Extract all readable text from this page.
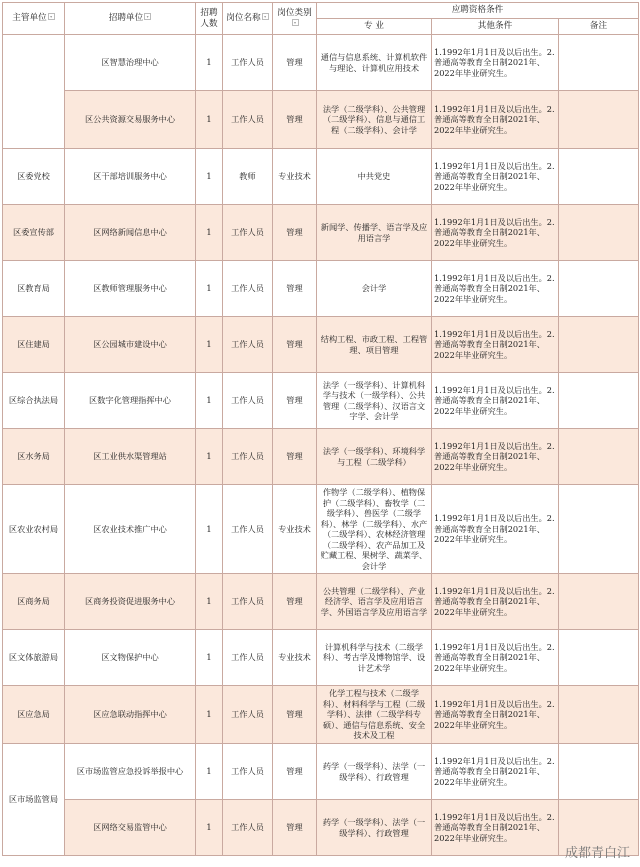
主管单位 ▾	招聘单位 ▾	招聘人数	岗位名称 ▾	岗位类别▾	应聘资格条件		
					专 业	其他条件	备注
	区智慧治理中心	1	工作人员	管理	通信与信息系统、计算机软件与理论、计算机应用技术	1.1992年1月1日及以后出生。2.普通高等教育全日制2021年、2022年毕业研究生。	
	区公共资源交易服务中心	1	工作人员	管理	法学（二级学科）、公共管理（二级学科）、信息与通信工程（二级学科）、会计学	1.1992年1月1日及以后出生。2.普通高等教育全日制2021年、2022年毕业研究生。	
区委党校	区干部培训服务中心	1	教师	专业技术	中共党史	1.1992年1月1日及以后出生。2.普通高等教育全日制2021年、2022年毕业研究生。	
区委宣传部	区网络新闻信息中心	1	工作人员	管理	新闻学、传播学、语言学及应用语言学	1.1992年1月1日及以后出生。2.普通高等教育全日制2021年、2022年毕业研究生。	
区教育局	区教师管理服务中心	1	工作人员	管理	会计学	1.1992年1月1日及以后出生。2.普通高等教育全日制2021年、2022年毕业研究生。	
区住建局	区公园城市建设中心	1	工作人员	管理	结构工程、市政工程、工程管理、项目管理	1.1992年1月1日及以后出生。2.普通高等教育全日制2021年、2022年毕业研究生。	
区综合执法局	区数字化管理指挥中心	1	工作人员	管理	法学（一级学科）、计算机科学与技术（一级学科）、公共管理（二级学科）、汉语言文字学、会计学	1.1992年1月1日及以后出生。2.普通高等教育全日制2021年、2022年毕业研究生。	
区水务局	区工业供水渠管理站	1	工作人员	管理	法学（一级学科）、环境科学与工程（二级学科）	1.1992年1月1日及以后出生。2.普通高等教育全日制2021年、2022年毕业研究生。	
区农业农村局	区农业技术推广中心	1	工作人员	专业技术	作物学（二级学科）、植物保护（二级学科）、畜牧学（二级学科）、兽医学（二级学科）、林学（二级学科）、水产（二级学科）、农林经济管理（二级学科）、农产品加工及贮藏工程、果树学、蔬菜学、会计学	1.1992年1月1日及以后出生。2.普通高等教育全日制2021年、2022年毕业研究生。	
区商务局	区商务投资促进服务中心	1	工作人员	管理	公共管理（二级学科）、产业经济学、语言学及应用语言学、外国语言学及应用语言学	1.1992年1月1日及以后出生。2.普通高等教育全日制2021年、2022年毕业研究生。	
区文体旅游局	区文物保护中心	1	工作人员	专业技术	计算机科学与技术（二级学科）、考古学及博物馆学、设计艺术学	1.1992年1月1日及以后出生。2.普通高等教育全日制2021年、2022年毕业研究生。	
区应急局	区应急联动指挥中心	1	工作人员	管理	化学工程与技术（二级学科）、材料科学与工程（二级学科）、法律（二级学科专硕）、通信与信息系统、安全技术及工程	1.1992年1月1日及以后出生。2.普通高等教育全日制2021年、2022年毕业研究生。	
区市场监管局	区市场监管应急投诉举报中心	1	工作人员	管理	药学（一级学科）、法学（一级学科）、行政管理	1.1992年1月1日及以后出生。2.普通高等教育全日制2021年、2022年毕业研究生。	
	区网络交易监管中心	1	工作人员	管理	药学（一级学科）、法学（一级学科）、行政管理	1.1992年1月1日及以后出生。2.普通高等教育全日制2021年、2022年毕业研究生。	
成都青白江
